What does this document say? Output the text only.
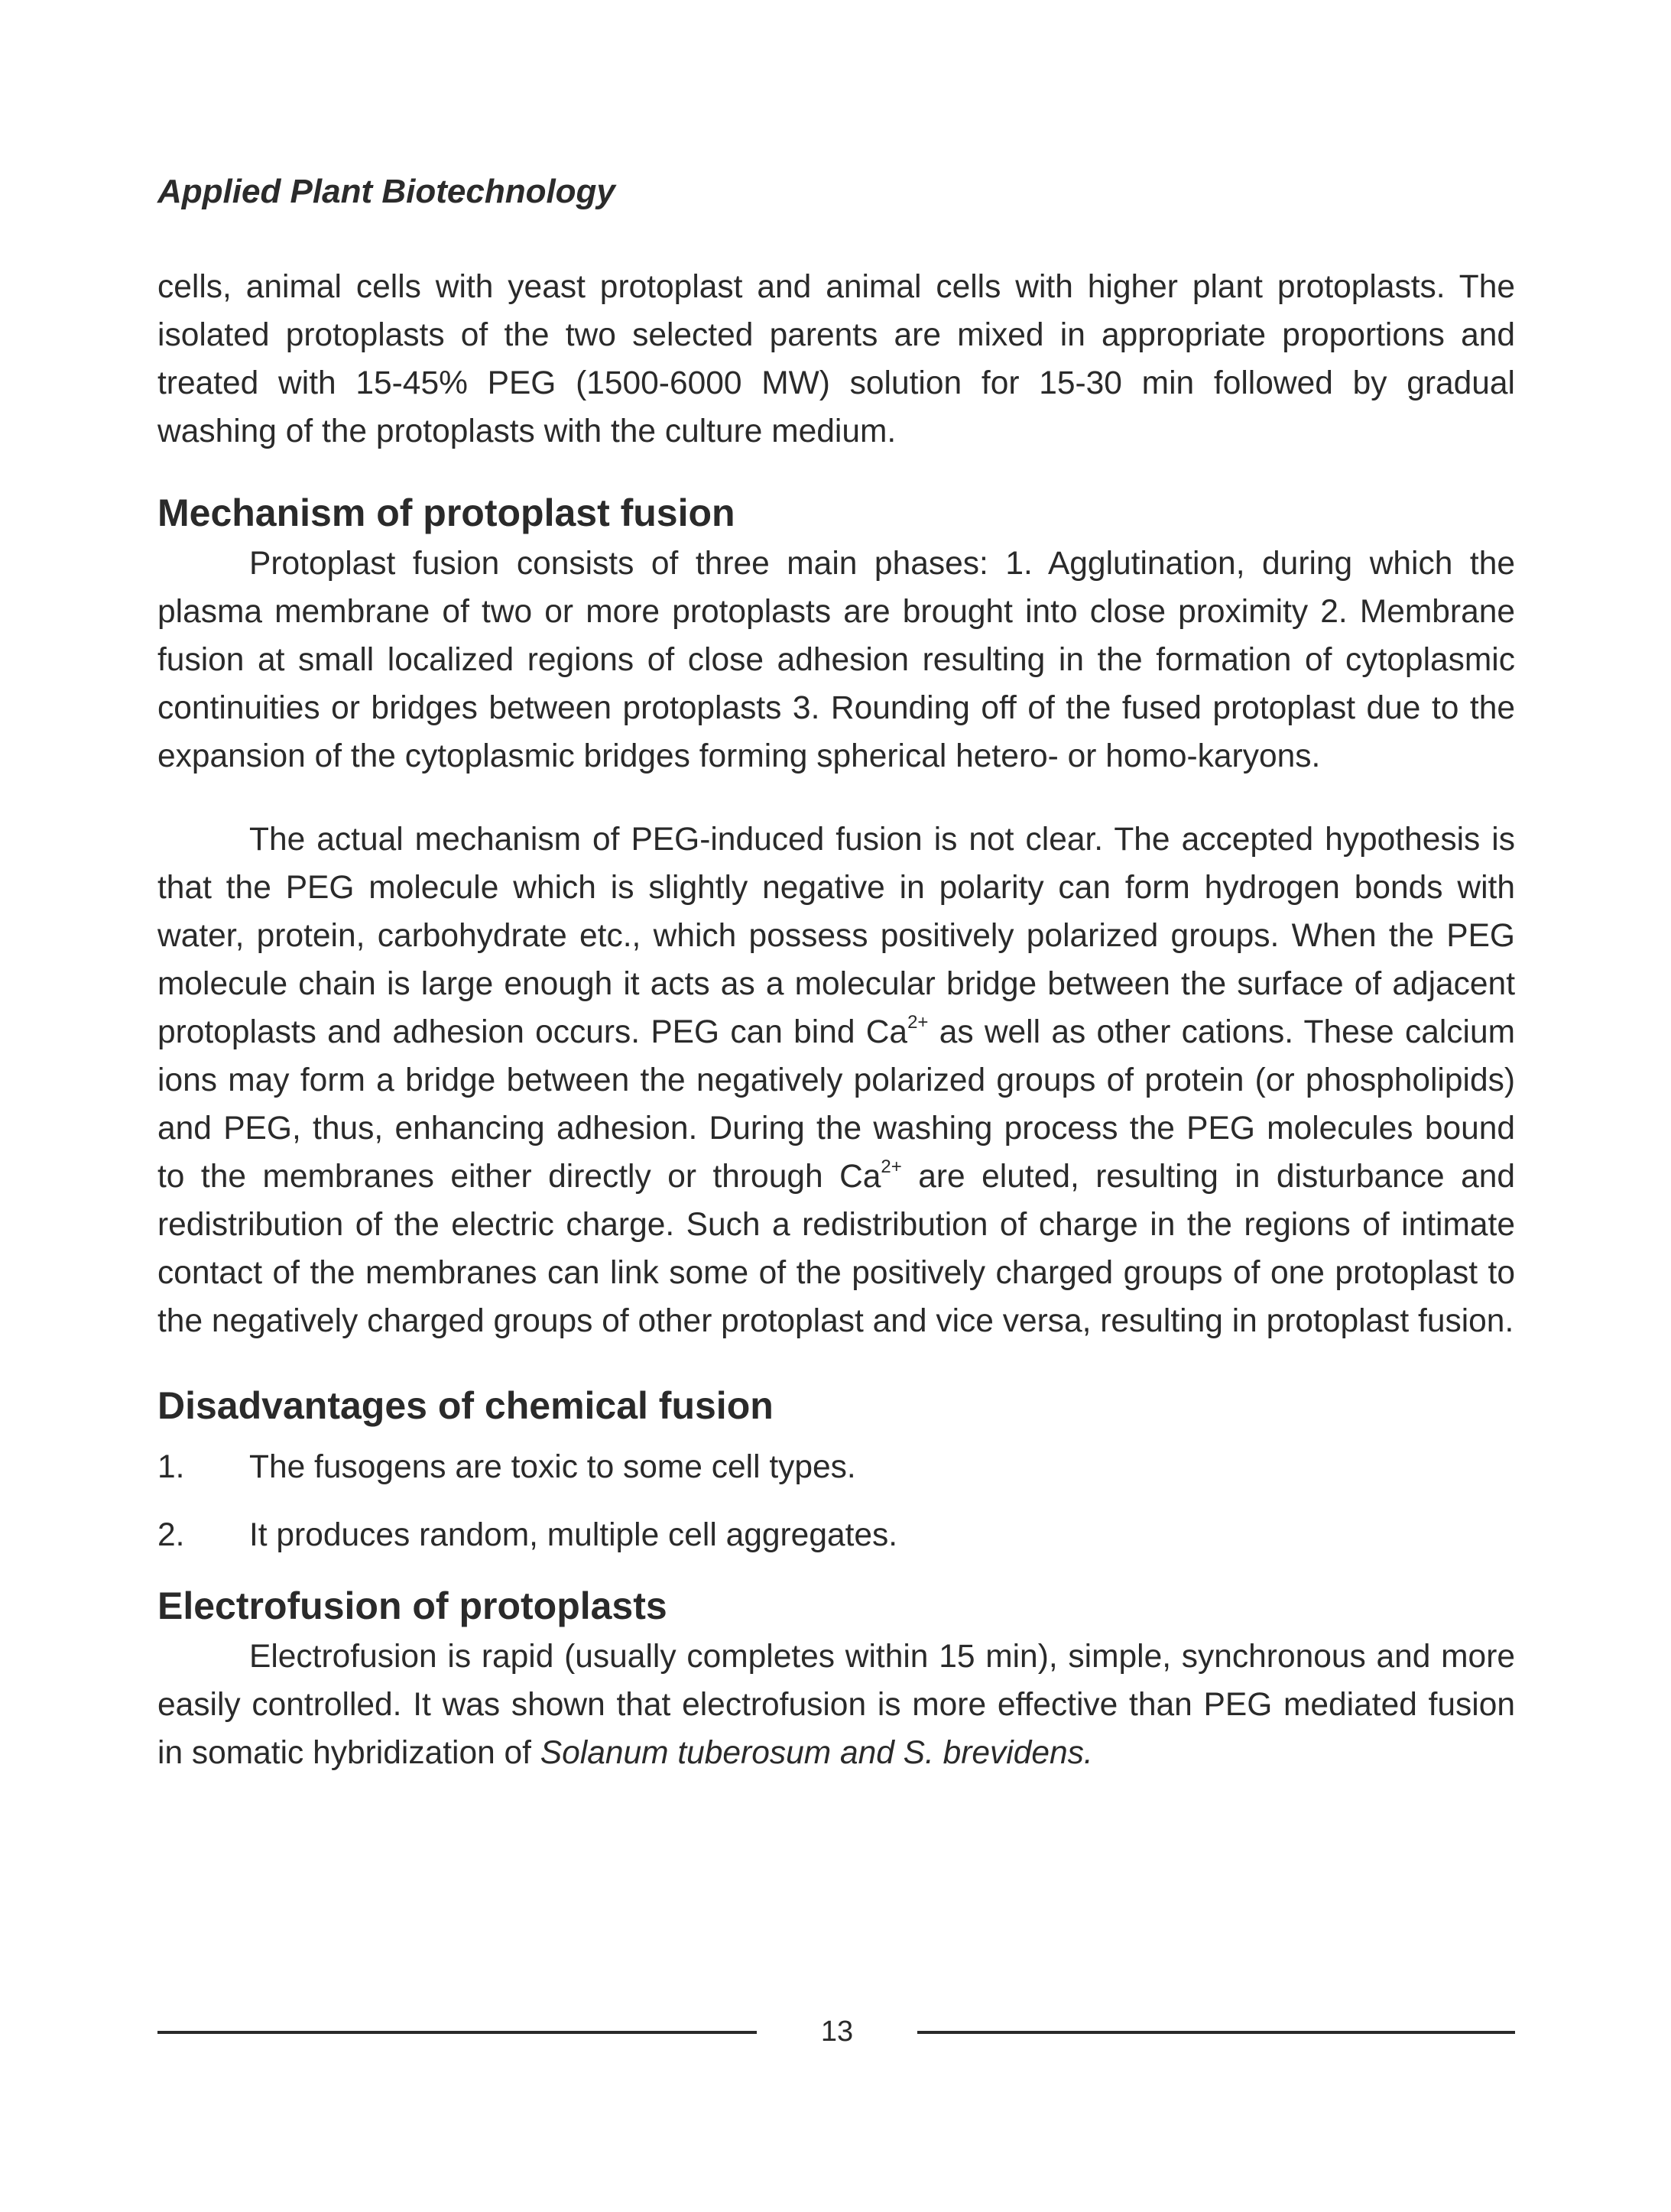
Applied Plant Biotechnology

cells, animal cells with yeast protoplast and animal cells with higher plant protoplasts. The isolated protoplasts of the two selected parents are mixed in appropriate proportions and treated with 15-45% PEG (1500-6000 MW) solution for 15-30 min followed by gradual washing of the protoplasts with the culture medium.

Mechanism of protoplast fusion

Protoplast fusion consists of three main phases: 1. Agglutination, during which the plasma membrane of two or more protoplasts are brought into close proximity 2. Membrane fusion at small localized regions of close adhesion resulting in the formation of cytoplasmic continuities or bridges between protoplasts 3. Rounding off of the fused protoplast due to the expansion of the cytoplasmic bridges forming spherical hetero- or homo-karyons.

The actual mechanism of PEG-induced fusion is not clear. The accepted hypothesis is that the PEG molecule which is slightly negative in polarity can form hydrogen bonds with water, protein, carbohydrate etc., which possess positively polarized groups. When the PEG molecule chain is large enough it acts as a molecular bridge between the surface of adjacent protoplasts and adhesion occurs. PEG can bind $Ca^{2+}$ as well as other cations. These calcium ions may form a bridge between the negatively polarized groups of protein (or phospholipids) and PEG, thus, enhancing adhesion. During the washing process the PEG molecules bound to the membranes either directly or through $Ca^{2+}$ are eluted, resulting in disturbance and redistribution of the electric charge. Such a redistribution of charge in the regions of intimate contact of the membranes can link some of the positively charged groups of one protoplast to the negatively charged groups of other protoplast and vice versa, resulting in protoplast fusion.

Disadvantages of chemical fusion
1.	The fusogens are toxic to some cell types.
2.	It produces random, multiple cell aggregates.
Electrofusion of protoplasts

Electrofusion is rapid (usually completes within 15 min), simple, synchronous and more easily controlled. It was shown that electrofusion is more effective than PEG mediated fusion in somatic hybridization of Solanum tuberosum and S. brevidens.

13
